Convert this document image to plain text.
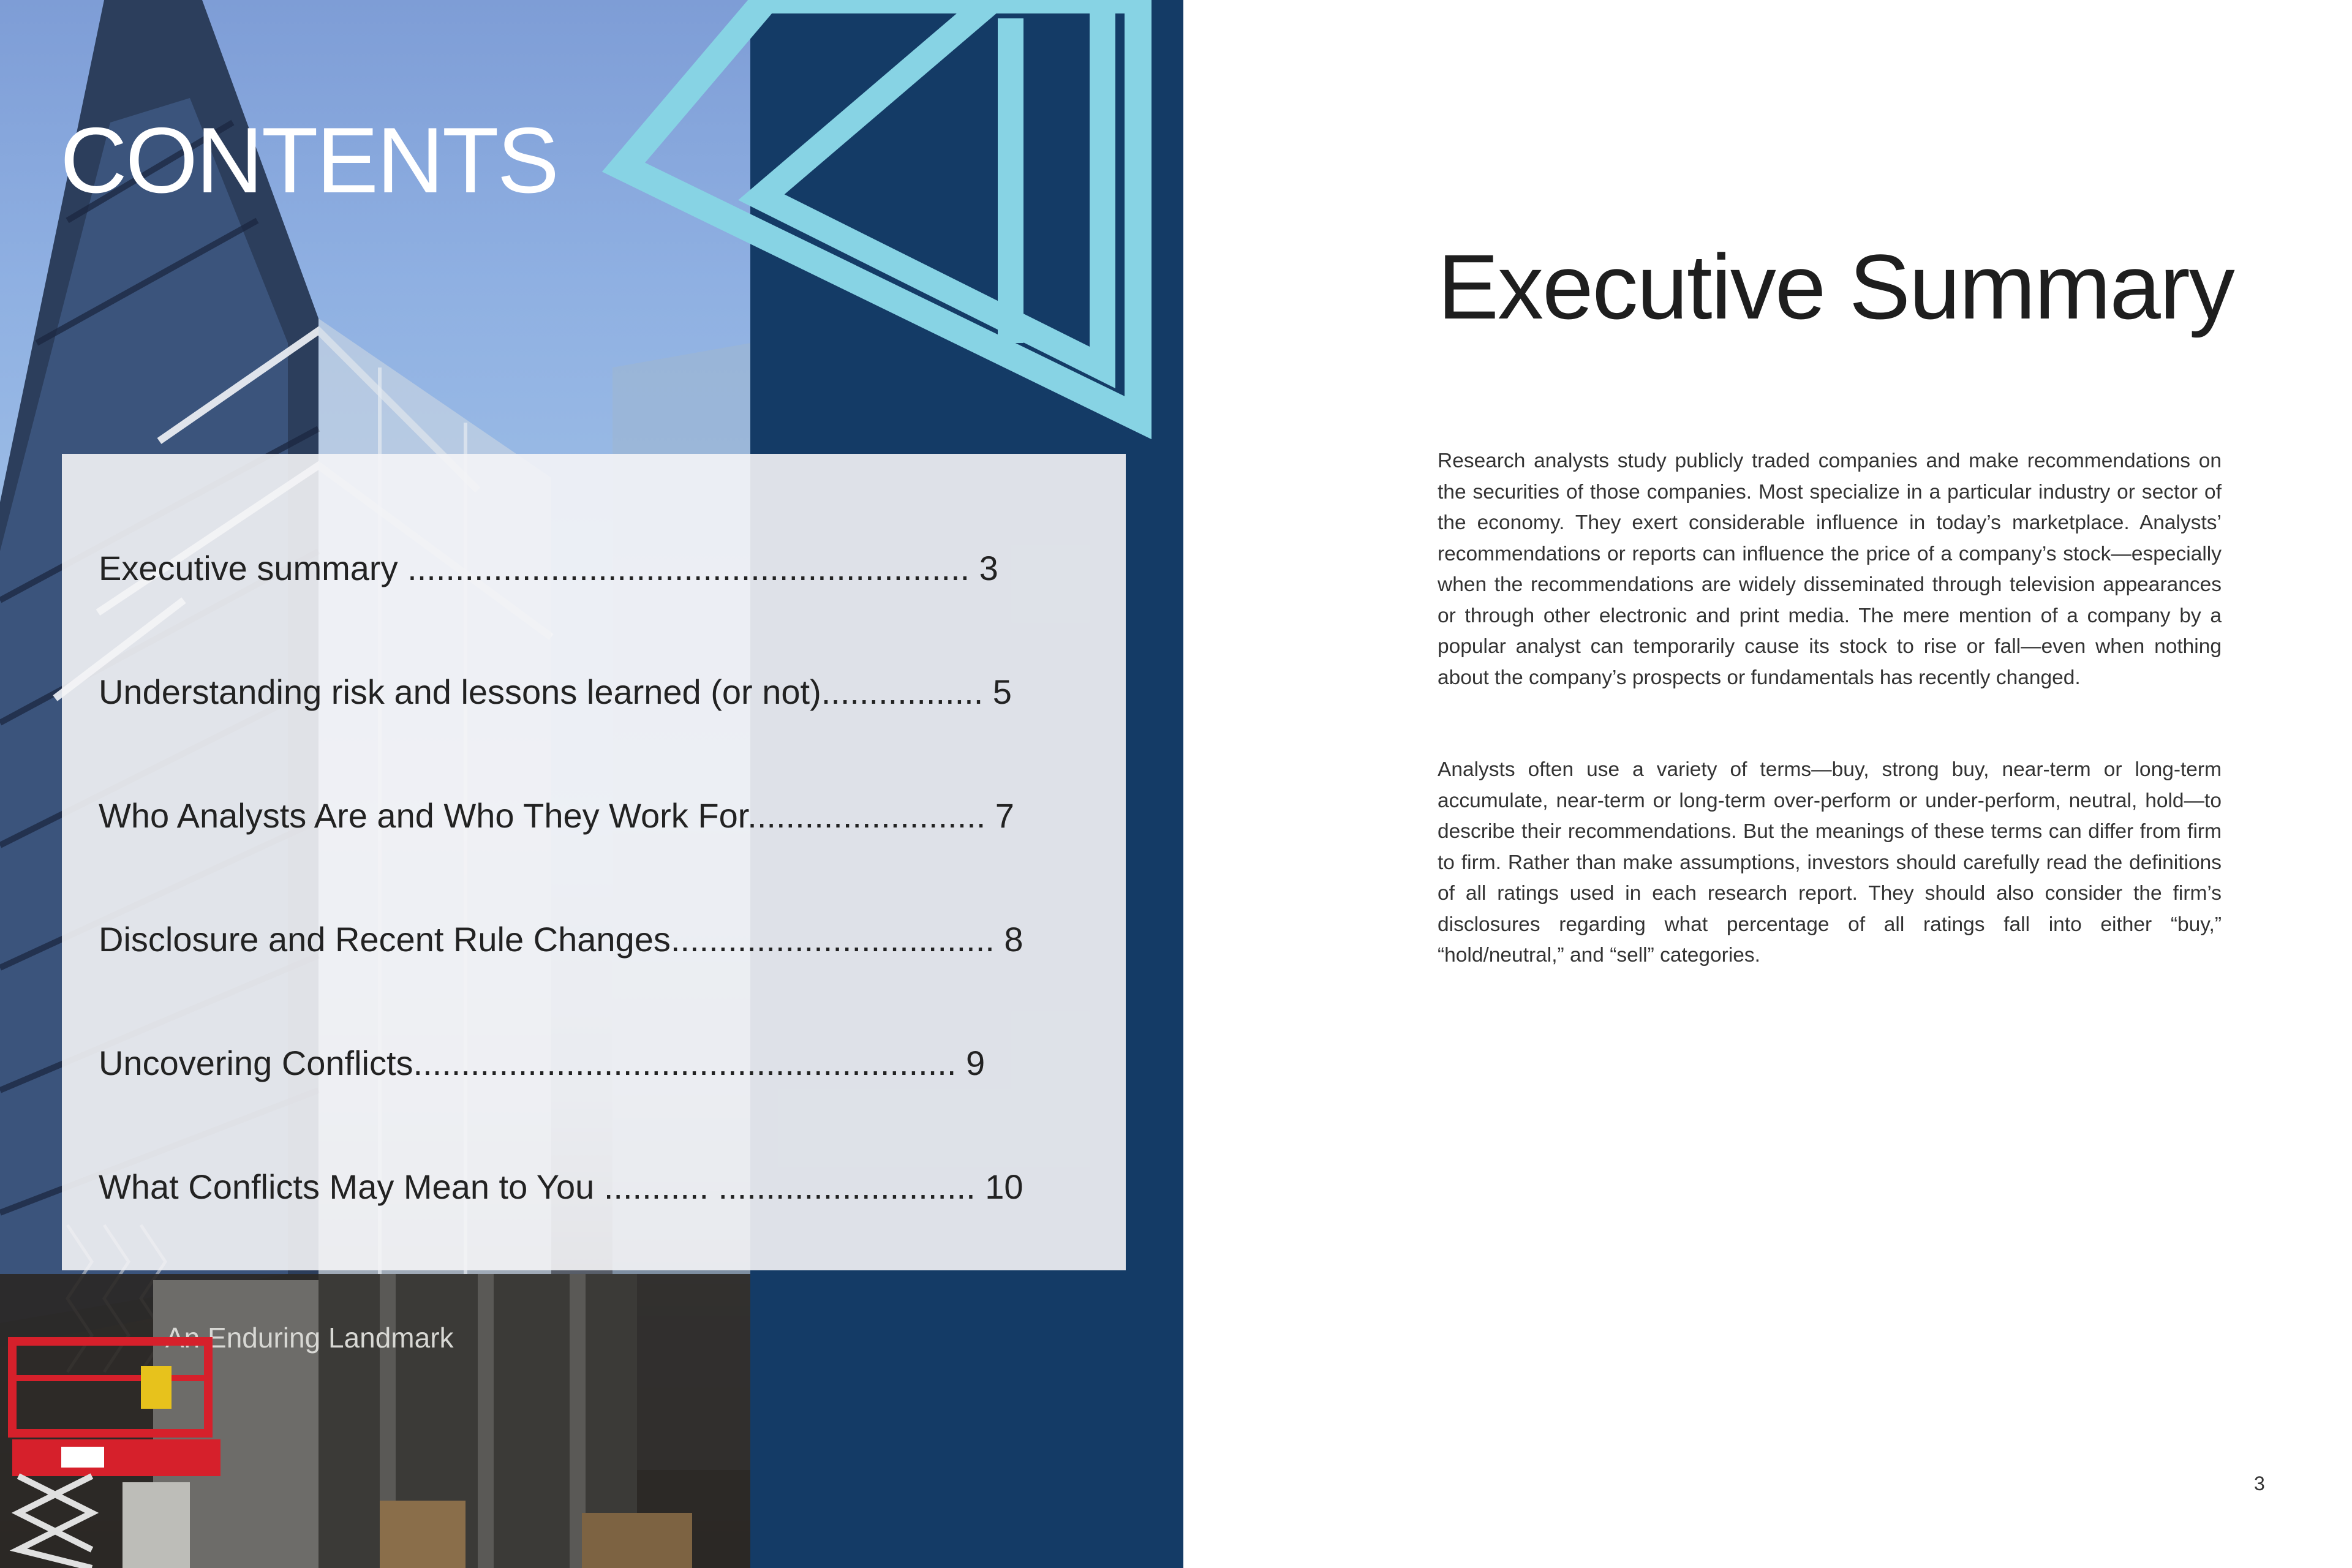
An Enduring Landmark
CONTENTS
Executive summary ........................................................... 3
Understanding risk and lessons learned (or not)................. 5
Who Analysts Are and Who They Work For......................... 7
Disclosure and Recent Rule Changes.................................. 8
Uncovering Conflicts......................................................... 9
What Conflicts May Mean to You ........... ........................... 10
Executive Summary

Research analysts study publicly traded companies and make recommendations on the securities of those companies. Most specialize in a particular industry or sector of the economy. They exert considerable influence in today’s marketplace. Analysts’ recommendations or reports can influence the price of a company’s stock—especially when the recommendations are widely disseminated through television appearances or through other electronic and print media. The mere mention of a company by a popular analyst can temporarily cause its stock to rise or fall—even when nothing about the company’s prospects or fundamentals has recently changed.

Analysts often use a variety of terms—buy, strong buy, near-term or long-term accumulate, near-term or long-term over-perform or under-perform, neutral, hold—to describe their recommendations. But the meanings of these terms can differ from firm to firm. Rather than make assumptions, investors should carefully read the definitions of all ratings used in each research report. They should also consider the firm’s disclosures regarding what percentage of all ratings fall into either “buy,” “hold/neutral,” and “sell” categories.

3
